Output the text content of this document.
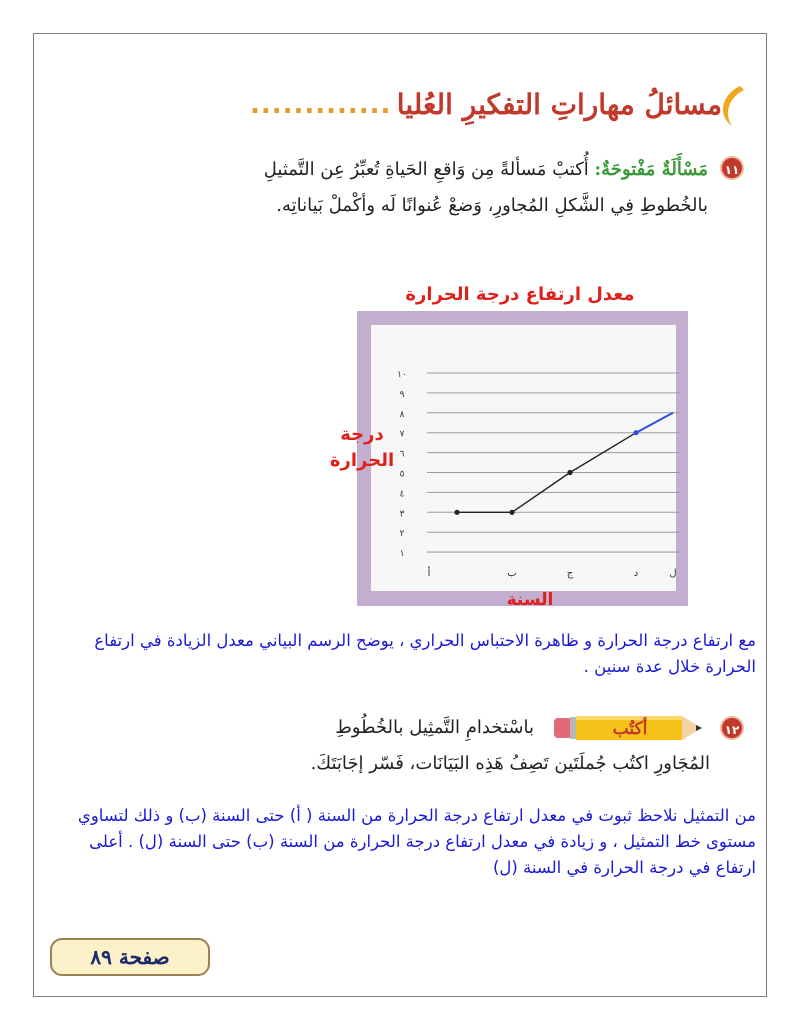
مسائلُ مهاراتِ التفكيرِ العُليا
.............
١١
مَسْأَلَةٌ مَفْتوحَةٌ: أُكتبْ مَسألةً مِن وَاقعِ الحَياةِ تُعبِّرُ عِن التَّمثيلِ بالخُطوطِ فِي الشَّكلِ المُجاورِ، وَضعْ عُنوانًا لَه وأكْملْ بَياناتِه.
معدل ارتفاع درجة الحرارة
درجة الحرارة
السنة
١
٢
٣
٤
٥
٦
٧
٨
٩
١٠
أ	ب	ج	د	ل
مع ارتفاع درجة الحرارة و ظاهرة الاحتباس الحراري ، يوضح الرسم البياني معدل الزيادة في ارتفاع الحرارة خلال عدة سنين .
١٢
أكتُب
باسْتخدامِ التَّمثِيل بالخُطُوطِ
المُجَاورِ اكتُب جُملَتَين تَصِفُ هَذِه البَيَانَات، فَسّر إجَابَتَكَ.
من التمثيل نلاحظ ثبوت في معدل ارتفاع درجة الحرارة من السنة ( أ) حتى السنة (ب) و ذلك لتساوي مستوى خط التمثيل ، و زيادة في معدل ارتفاع درجة الحرارة من السنة (ب) حتى السنة (ل) . أعلى ارتفاع في درجة الحرارة في السنة (ل)
صفحة ٨٩
